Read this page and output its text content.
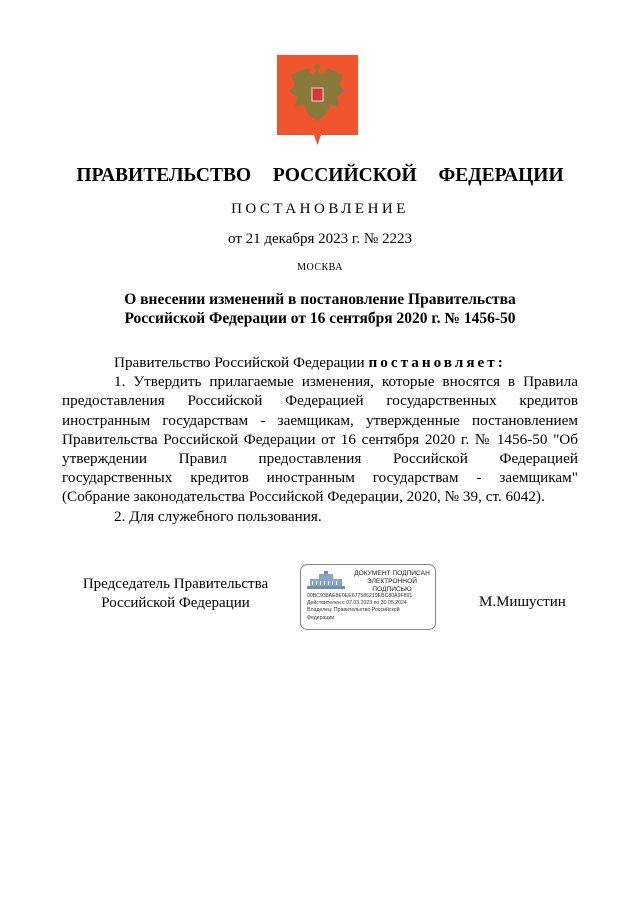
ПРАВИТЕЛЬСТВО  РОССИЙСКОЙ  ФЕДЕРАЦИИ
ПОСТАНОВЛЕНИЕ
от 21 декабря 2023 г. № 2223
МОСКВА
О внесении изменений в постановление Правительства
Российской Федерации от 16 сентября 2020 г. № 1456-50

Правительство Российской Федерации постановляет:

1. Утвердить прилагаемые изменения, которые вносятся в Правила предоставления Российской Федерацией государственных кредитов иностранным государствам - заемщикам, утвержденные постановлением Правительства Российской Федерации от 16 сентября 2020 г. № 1456-50 "Об утверждении Правил предоставления Российской Федерацией государственных кредитов иностранным государствам - заемщикам" (Собрание законодательства Российской Федерации, 2020, № 39, ст. 6042).

2. Для служебного пользования.

Председатель Правительства
Российской Федерации
ДОКУМЕНТ ПОДПИСАН
ЭЛЕКТРОННОЙ ПОДПИСЬЮ
00BC938AE8E0EE677586219EBC80A9F891
Действителен с 07.03.2023 по 30.05.2024
Владелец: Правительство Российской
Федерации
М.Мишустин
